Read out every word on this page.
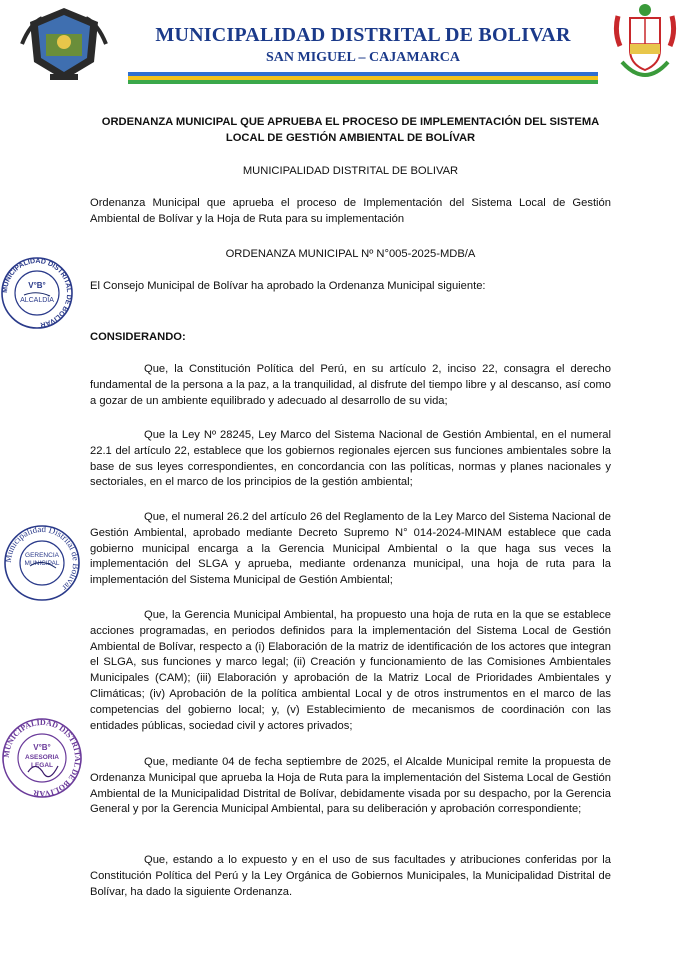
MUNICIPALIDAD DISTRITAL DE BOLIVAR
SAN MIGUEL – CAJAMARCA
ORDENANZA MUNICIPAL QUE APRUEBA EL PROCESO DE IMPLEMENTACIÓN DEL SISTEMA LOCAL DE GESTIÓN AMBIENTAL DE BOLÍVAR
MUNICIPALIDAD DISTRITAL DE BOLIVAR
Ordenanza Municipal que aprueba el proceso de Implementación del Sistema Local de Gestión Ambiental de Bolívar y la Hoja de Ruta para su implementación
ORDENANZA MUNICIPAL Nº N°005-2025-MDB/A
El Consejo Municipal de Bolívar ha aprobado la Ordenanza Municipal siguiente:
CONSIDERANDO:
Que, la Constitución Política del Perú, en su artículo 2, inciso 22, consagra el derecho fundamental de la persona a la paz, a la tranquilidad, al disfrute del tiempo libre y al descanso, así como a gozar de un ambiente equilibrado y adecuado al desarrollo de su vida;
Que la Ley Nº 28245, Ley Marco del Sistema Nacional de Gestión Ambiental, en el numeral 22.1 del artículo 22, establece que los gobiernos regionales ejercen sus funciones ambientales sobre la base de sus leyes correspondientes, en concordancia con las políticas, normas y planes nacionales y sectoriales, en el marco de los principios de la gestión ambiental;
Que, el numeral 26.2 del artículo 26 del Reglamento de la Ley Marco del Sistema Nacional de Gestión Ambiental, aprobado mediante Decreto Supremo N° 014-2024-MINAM establece que cada gobierno municipal encarga a la Gerencia Municipal Ambiental o la que haga sus veces la implementación del SLGA y aprueba, mediante ordenanza municipal, una hoja de ruta para la implementación del Sistema Municipal de Gestión Ambiental;
Que, la Gerencia Municipal Ambiental, ha propuesto una hoja de ruta en la que se establece acciones programadas, en periodos definidos para la implementación del Sistema Local de Gestión Ambiental de Bolívar, respecto a (i) Elaboración de la matriz de identificación de los actores que integran el SLGA, sus funciones y marco legal; (ii) Creación y funcionamiento de las Comisiones Ambientales Municipales (CAM); (iii) Elaboración y aprobación de la Matriz Local de Prioridades Ambientales y Climáticas; (iv) Aprobación de la política ambiental Local y de otros instrumentos en el marco de las competencias del gobierno local; y, (v) Establecimiento de mecanismos de coordinación con las entidades públicas, sociedad civil y actores privados;
Que, mediante 04 de fecha septiembre de 2025, el Alcalde Municipal remite la propuesta de Ordenanza Municipal que aprueba la Hoja de Ruta para la implementación del Sistema Local de Gestión Ambiental de la Municipalidad Distrital de Bolívar, debidamente visada por su despacho, por la Gerencia General y por la Gerencia Municipal Ambiental, para su deliberación y aprobación correspondiente;
Que, estando a lo expuesto y en el uso de sus facultades y atribuciones conferidas por la Constitución Política del Perú y la Ley Orgánica de Gobiernos Municipales, la Municipalidad Distrital de Bolívar, ha dado la siguiente Ordenanza.
MUNICIPALIDAD DISTRITAL DE BOLIVAR
V°B°
ALCALDÍA
Municipalidad Distrital de Bolivar
GERENCIA MUNICIPAL
MUNICIPALIDAD DISTRITAL DE BOLIVAR
V°B°
ASESORIA LEGAL
